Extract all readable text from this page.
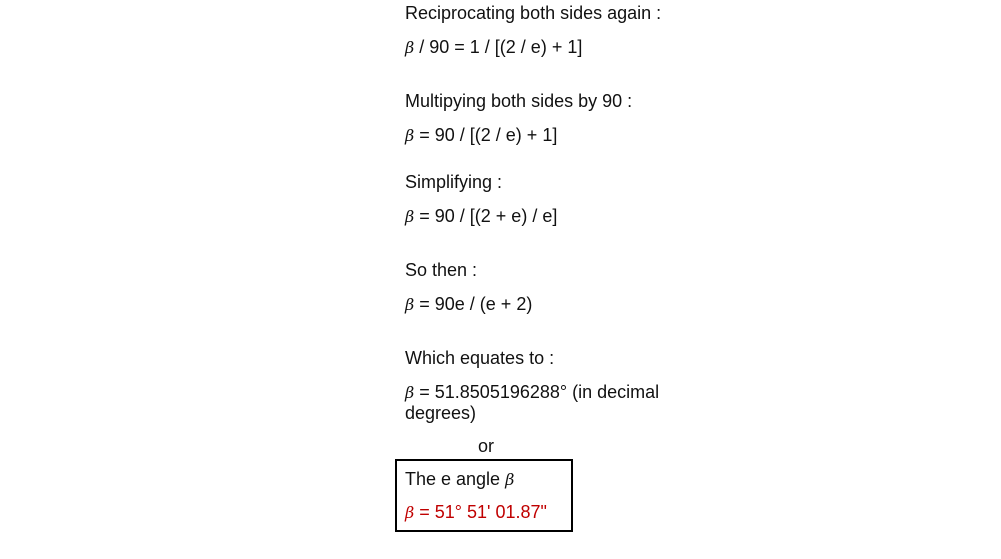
Reciprocating both sides again :
β / 90 = 1 / [(2 / e) + 1]
Multipying both sides by 90 :
β = 90 / [(2 / e) + 1]
Simplifying :
β = 90 / [(2 + e) / e]
So then :
β = 90e / (e + 2)
Which equates to :
β = 51.8505196288° (in decimal degrees)
or
The e angle β
β = 51° 51' 01.87"
